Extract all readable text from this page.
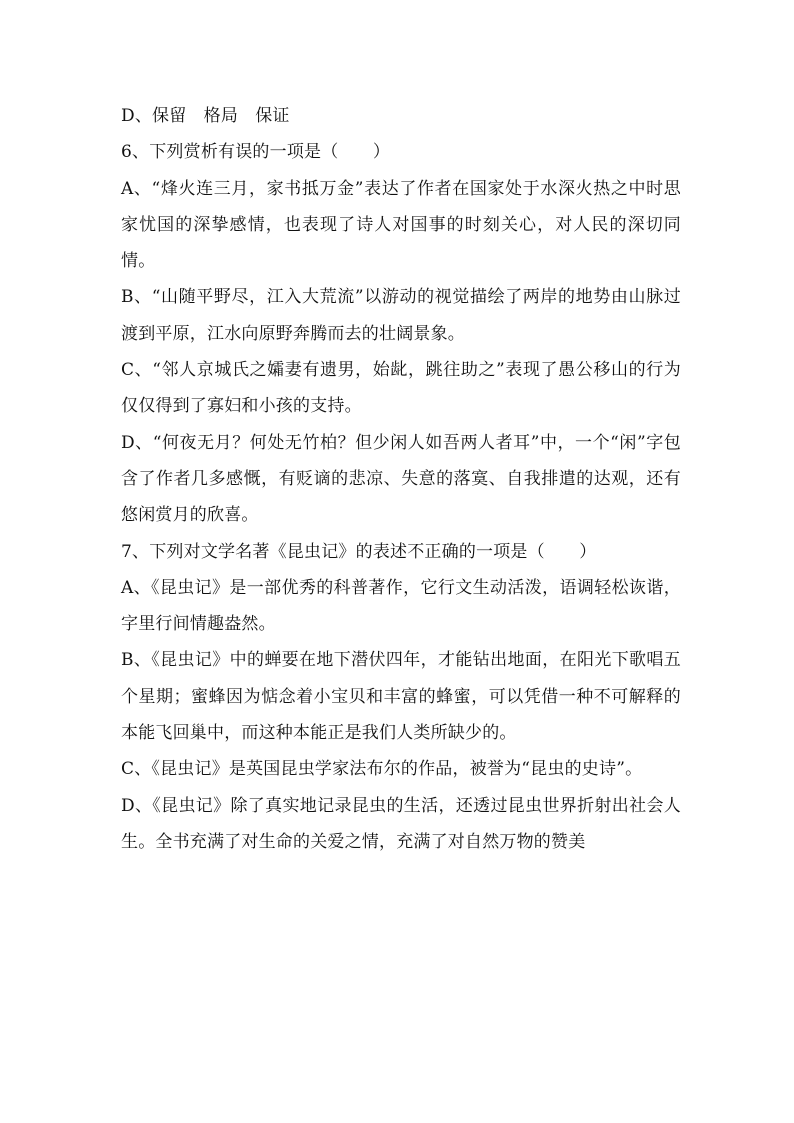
D、保留　格局　保证

6、下列赏析有误的一项是（　　）

A、“烽火连三月，家书抵万金”表达了作者在国家处于水深火热之中时思家忧国的深挚感情，也表现了诗人对国事的时刻关心，对人民的深切同情。

B、“山随平野尽，江入大荒流”以游动的视觉描绘了两岸的地势由山脉过渡到平原，江水向原野奔腾而去的壮阔景象。

C、“邻人京城氏之孀妻有遗男，始龀，跳往助之”表现了愚公移山的行为仅仅得到了寡妇和小孩的支持。

D、“何夜无月？何处无竹柏？但少闲人如吾两人者耳”中，一个“闲”字包含了作者几多感慨，有贬谪的悲凉、失意的落寞、自我排遣的达观，还有悠闲赏月的欣喜。

7、下列对文学名著《昆虫记》的表述不正确的一项是（　　）

A、《昆虫记》是一部优秀的科普著作，它行文生动活泼，语调轻松诙谐，字里行间情趣盎然。

B、《昆虫记》中的蝉要在地下潜伏四年，才能钻出地面，在阳光下歌唱五个星期；蜜蜂因为惦念着小宝贝和丰富的蜂蜜，可以凭借一种不可解释的本能飞回巢中，而这种本能正是我们人类所缺少的。

C、《昆虫记》是英国昆虫学家法布尔的作品，被誉为“昆虫的史诗”。

D、《昆虫记》除了真实地记录昆虫的生活，还透过昆虫世界折射出社会人生。全书充满了对生命的关爱之情，充满了对自然万物的赞美
